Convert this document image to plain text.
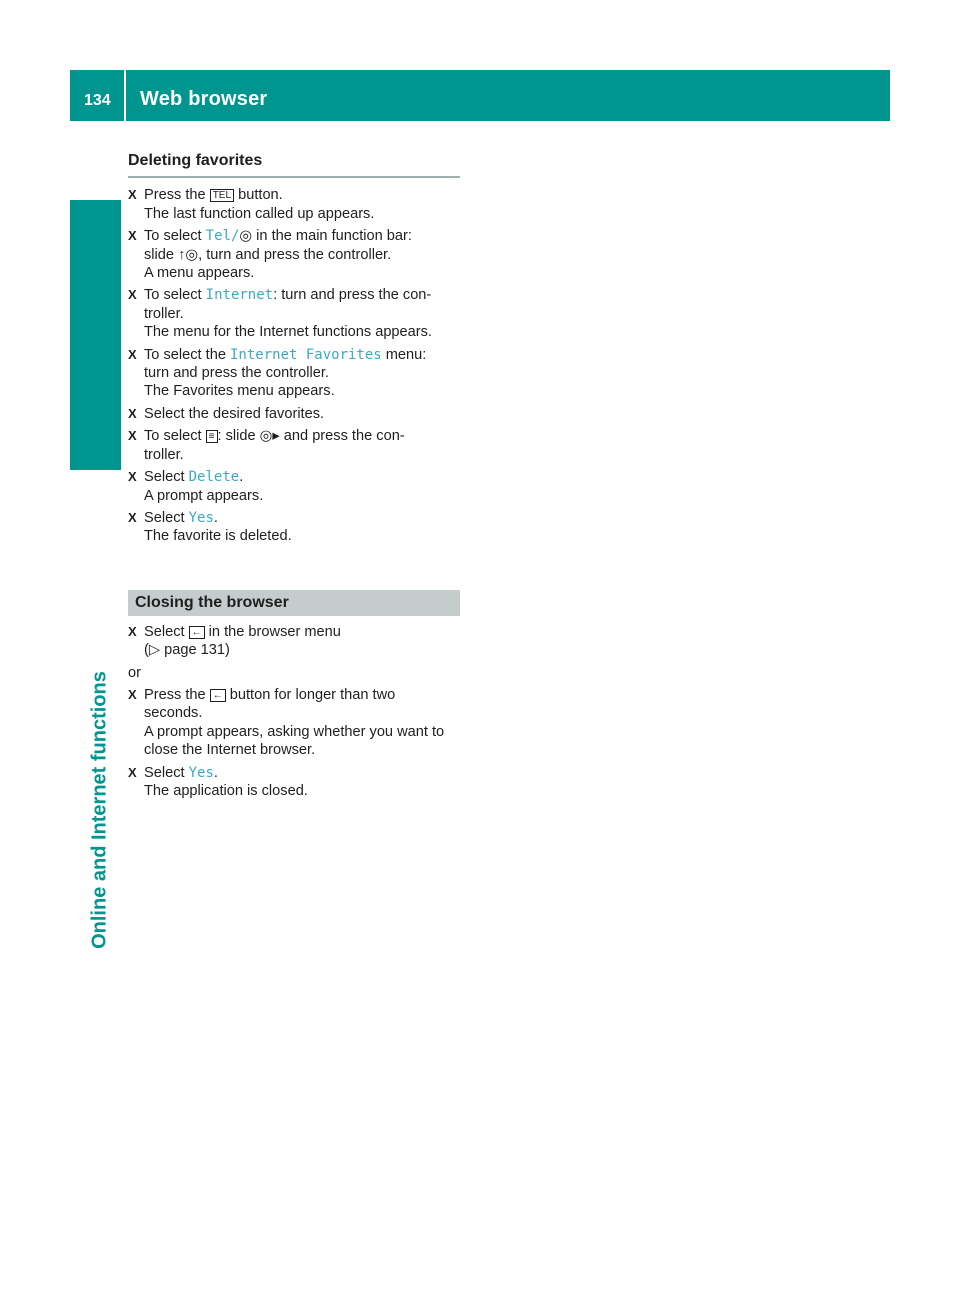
134 Web browser
Online and Internet functions
Deleting favorites
X Press the TEL button.
The last function called up appears.
X To select Tel/◎ in the main function bar:
slide ↑◎, turn and press the controller.
A menu appears.
X To select Internet: turn and press the con-
troller.
The menu for the Internet functions appears.
X To select the Internet Favorites menu:
turn and press the controller.
The Favorites menu appears.
X Select the desired favorites.
X To select ≡ : slide ◎▸ and press the con-
troller.
X Select Delete.
A prompt appears.
X Select Yes.
The favorite is deleted.
Closing the browser
X Select ← in the browser menu
(▷ page 131)
or
X Press the ← button for longer than two
seconds.
A prompt appears, asking whether you want to close the Internet browser.
X Select Yes.
The application is closed.
